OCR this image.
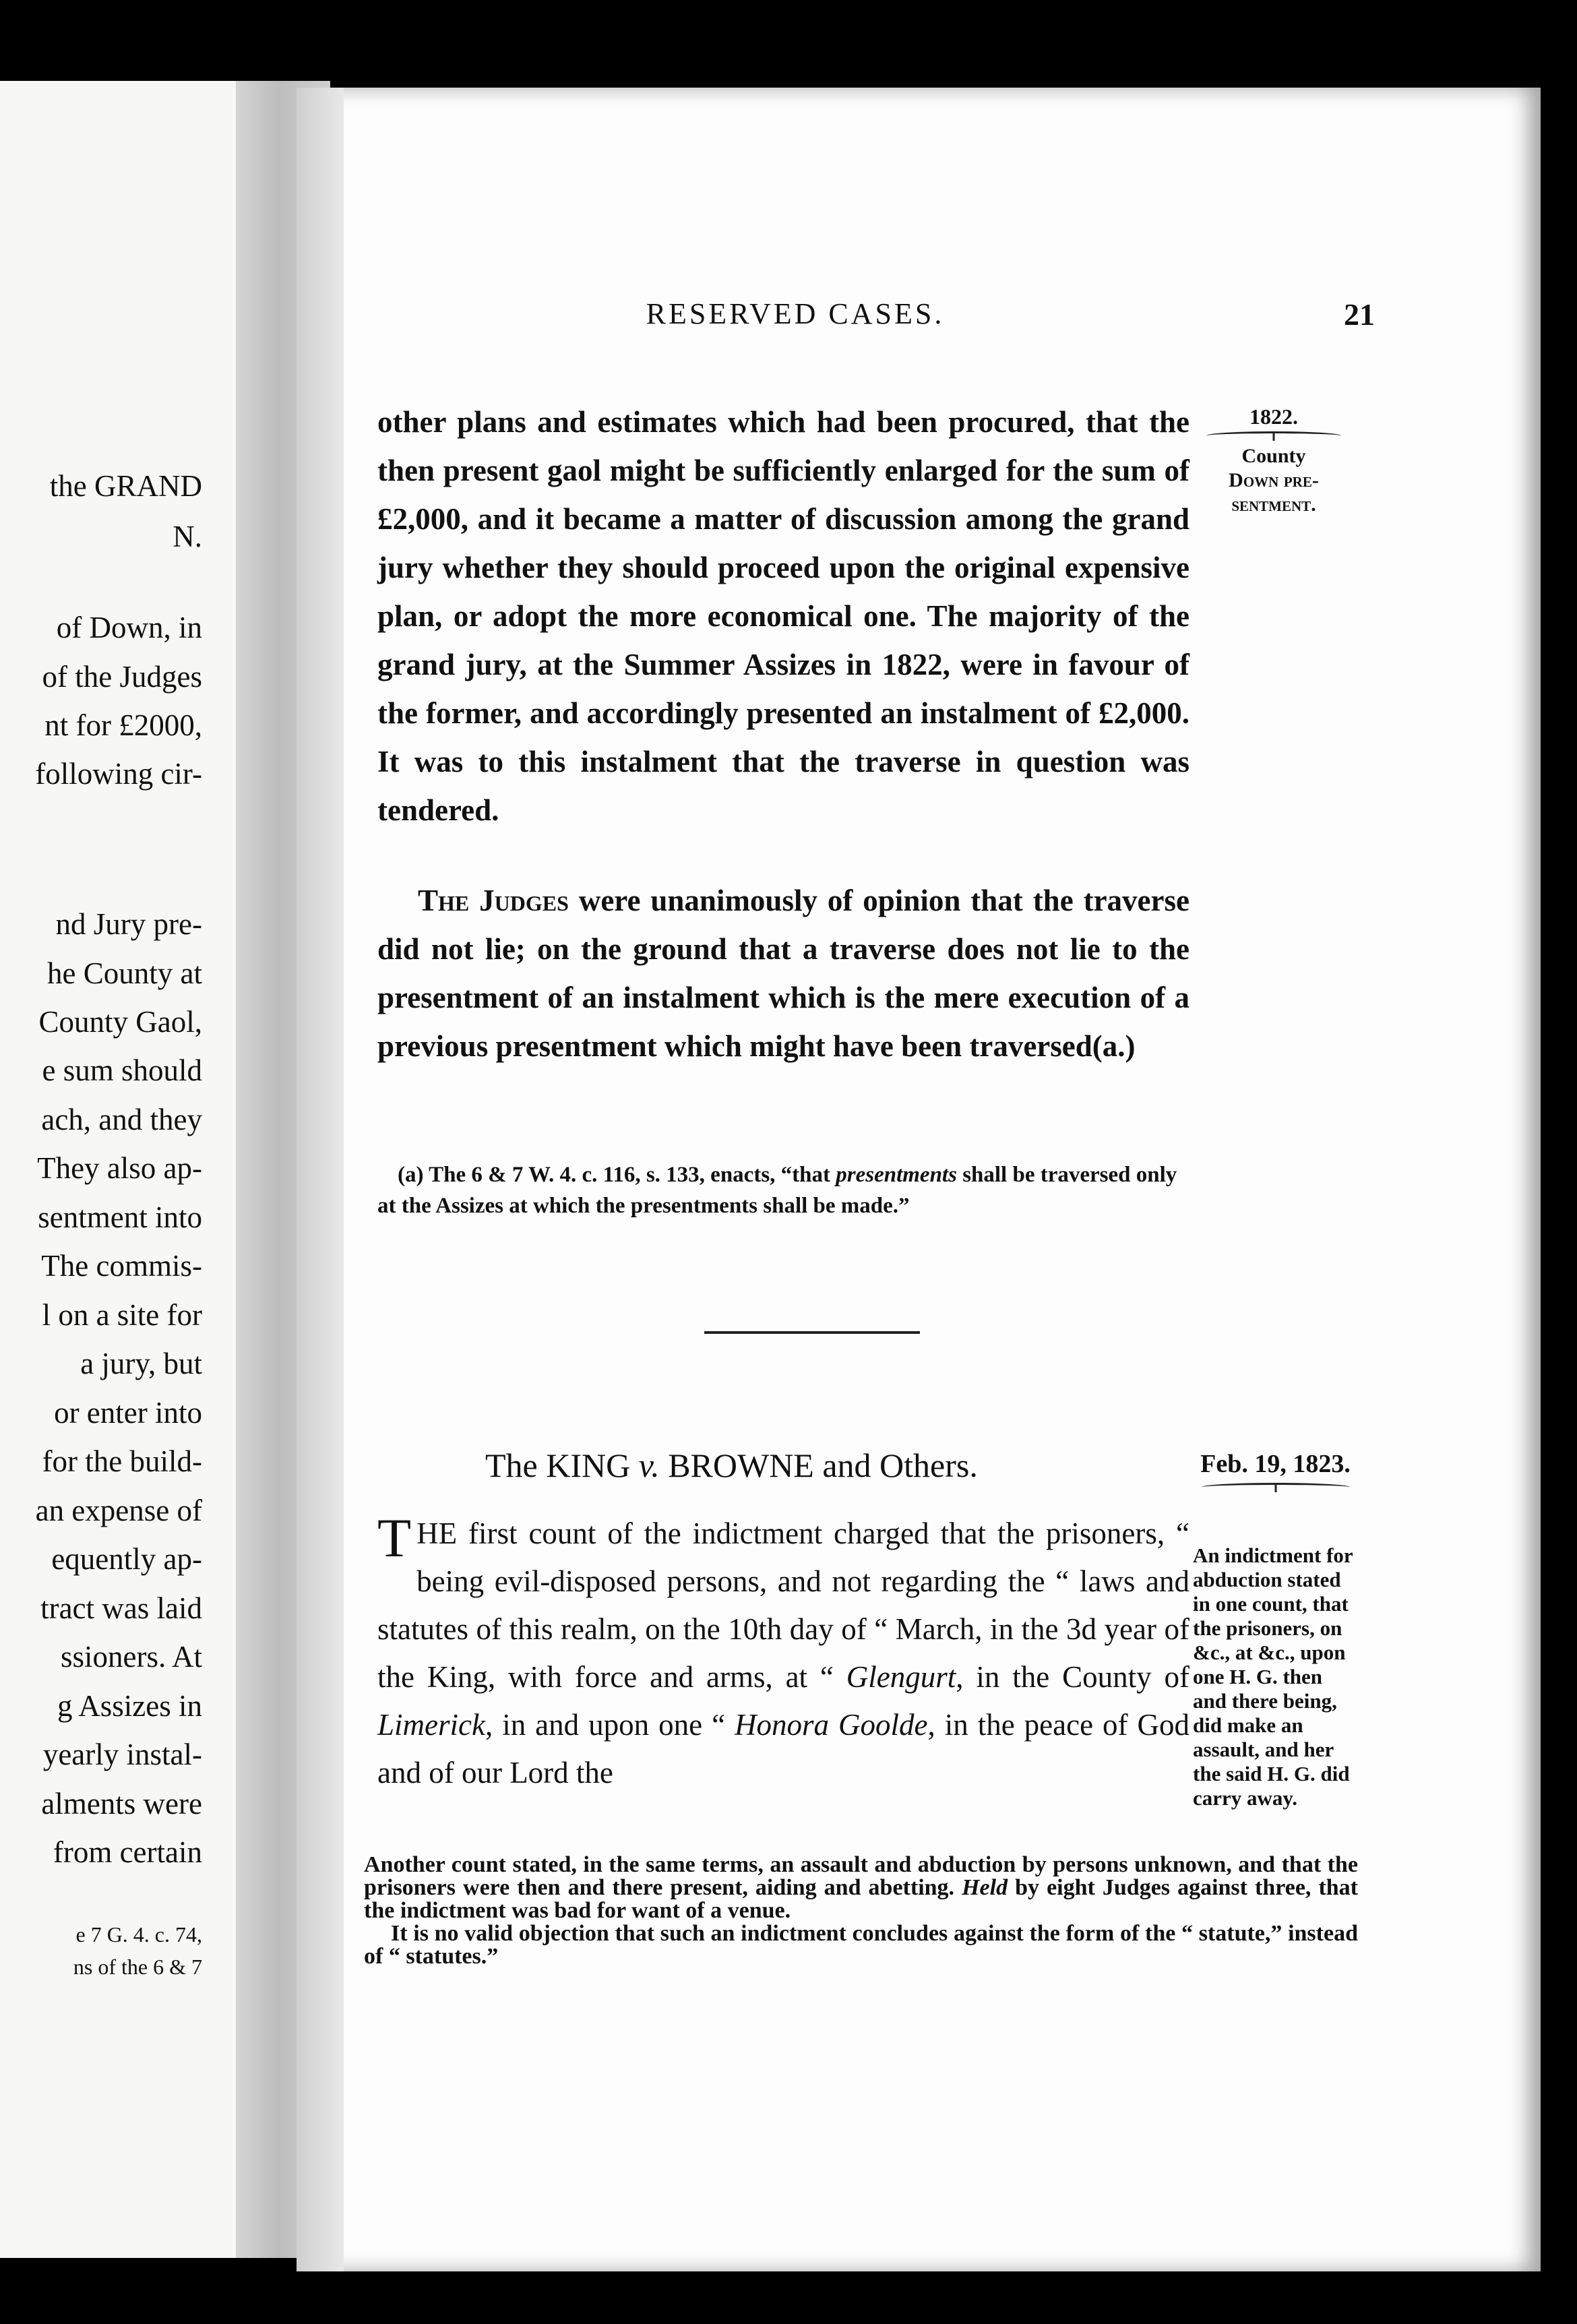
the GRAND
N.
of Down, in
of the Judges
nt for £2000,
following cir-
nd Jury pre-
he County at
County Gaol,
e sum should
ach, and they
They also ap-
sentment into
The commis-
l on a site for
a jury, but
or enter into
for the build-
an expense of
equently ap-
tract was laid
ssioners. At
g Assizes in
yearly instal-
alments were
from certain
e 7 G. 4. c. 74,
ns of the 6 & 7
RESERVED CASES.	21

other plans and estimates which had been procured, that the then present gaol might be sufficiently enlarged for the sum of £2,000, and it became a matter of discussion among the grand jury whether they should proceed upon the original expensive plan, or adopt the more economical one. The majority of the grand jury, at the Summer Assizes in 1822, were in favour of the former, and accordingly presented an instalment of £2,000. It was to this instalment that the traverse in question was tendered.

1822.
County
Down pre-
sentment.

The Judges were unanimously of opinion that the traverse did not lie; on the ground that a traverse does not lie to the presentment of an instalment which is the mere execution of a previous presentment which might have been traversed(a.)

(a) The 6 & 7 W. 4. c. 116, s. 133, enacts, “that presentments shall be traversed only at the Assizes at which the presentments shall be made.”
The KING v. BROWNE and Others.	Feb. 19, 1823.
THE first count of the indictment charged that the prisoners, “ being evil-disposed persons, and not regarding the “ laws and statutes of this realm, on the 10th day of “ March, in the 3d year of the King, with force and arms, at “ Glengurt, in the County of Limerick, in and upon one “ Honora Goolde, in the peace of God and of our Lord the
An indictment for abduction stated in one count, that the prisoners, on &c., at &c., upon one H. G. then and there being, did make an assault, and her the said H. G. did carry away.

Another count stated, in the same terms, an assault and abduction by persons unknown, and that the prisoners were then and there present, aiding and abetting. Held by eight Judges against three, that the indictment was bad for want of a venue.

It is no valid objection that such an indictment concludes against the form of the “ statute,” instead of “ statutes.”
